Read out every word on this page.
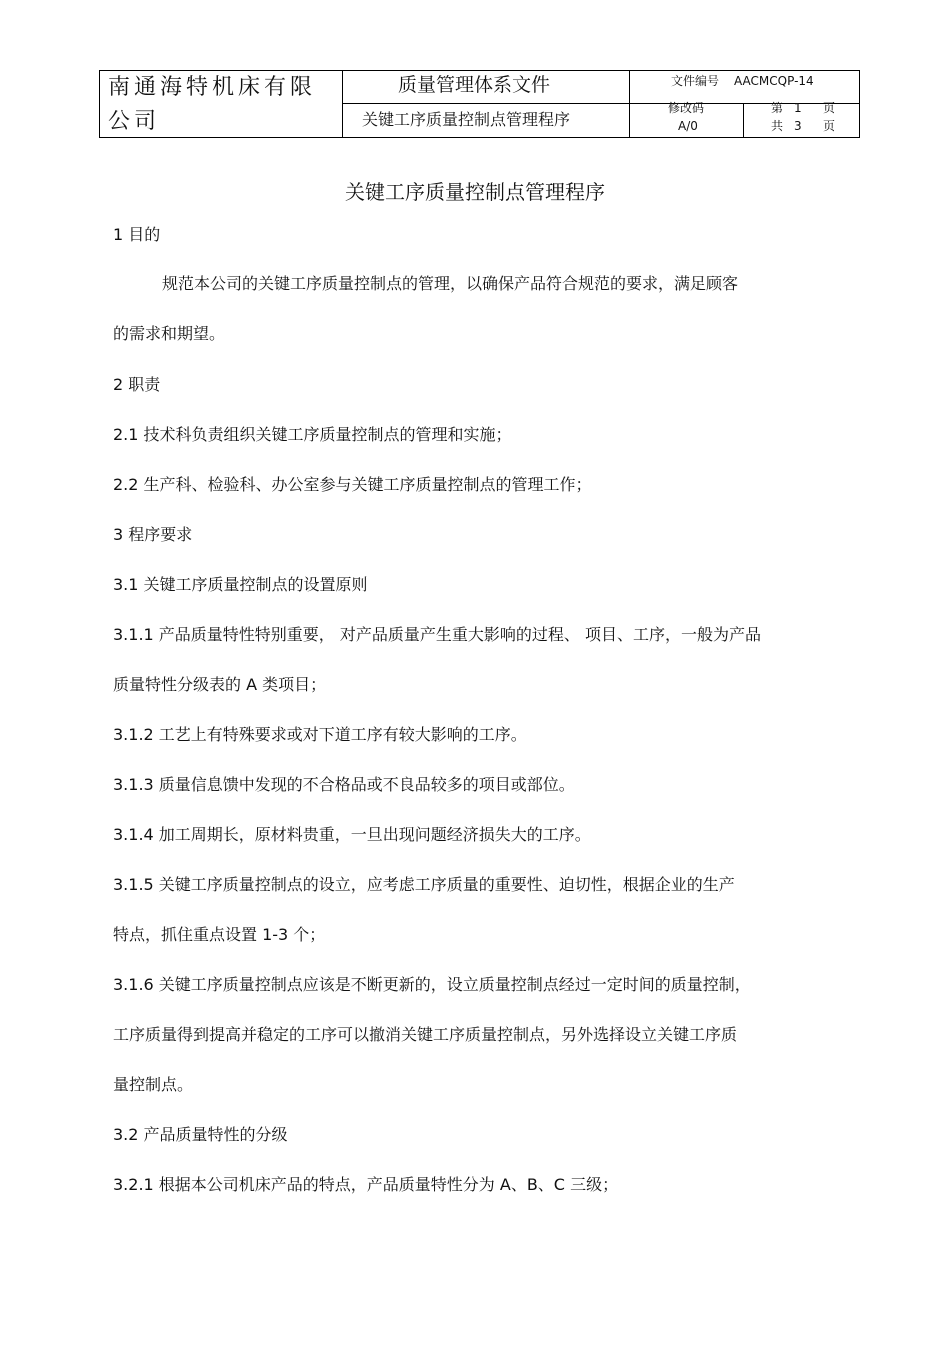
南通海特机床有限
公司
质量管理体系文件
关键工序质量控制点管理程序
文件编号 AACMCQP-14
修改码
A/0
第 1 页
共 3 页
关键工序质量控制点管理程序
1 目的
规范本公司的关键工序质量控制点的管理，以确保产品符合规范的要求，满足顾客
的需求和期望。
2 职责
2.1 技术科负责组织关键工序质量控制点的管理和实施；
2.2 生产科、检验科、办公室参与关键工序质量控制点的管理工作；
3 程序要求
3.1 关键工序质量控制点的设置原则
3.1.1 产品质量特性特别重要， 对产品质量产生重大影响的过程、 项目、工序，一般为产品
质量特性分级表的 A 类项目；
3.1.2 工艺上有特殊要求或对下道工序有较大影响的工序。
3.1.3 质量信息馈中发现的不合格品或不良品较多的项目或部位。
3.1.4 加工周期长，原材料贵重，一旦出现问题经济损失大的工序。
3.1.5 关键工序质量控制点的设立，应考虑工序质量的重要性、迫切性，根据企业的生产
特点，抓住重点设置 1-3 个；
3.1.6 关键工序质量控制点应该是不断更新的，设立质量控制点经过一定时间的质量控制，
工序质量得到提高并稳定的工序可以撤消关键工序质量控制点，另外选择设立关键工序质
量控制点。
3.2 产品质量特性的分级
3.2.1 根据本公司机床产品的特点，产品质量特性分为 A、B、C 三级；
